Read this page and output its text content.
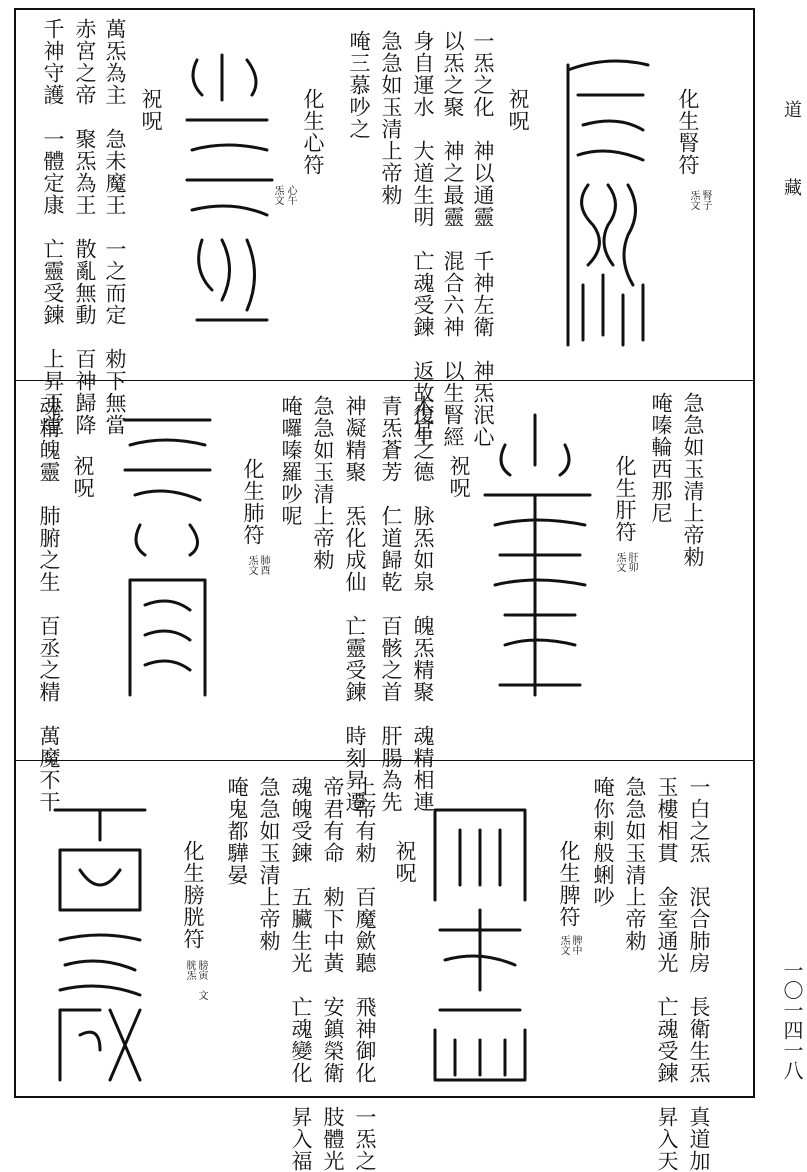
道
藏
一〇一四一八
化生腎符
腎子
炁文
祝呪
一炁之化　神以通靈　千神左衛　神炁泯心
以炁之聚　神之最靈　混合六神　以生腎經
身自運水　大道生明　亡魂受鍊　返故復生
急急如玉清上帝勑
唵三慕吵之
化生心符
心午
炁文
祝呪
萬炁為主　急未魔王　一之而定　勑下無當
赤宮之帝　聚炁為王　散亂無動　百神歸降
千神守護　一體定康　亡靈受鍊　上昇玉堂
急急如玉清上帝勑
唵嗪輪西那尼
化生肝符
肝卯
炁文
祝呪
木官之德　脉炁如泉　魄炁精聚　魂精相連
青炁蒼芳　仁道歸乾　百骸之首　肝腸為先
神凝精聚　炁化成仙　亡靈受鍊　時刻昇遷
急急如玉清上帝勑
唵囉嗪羅吵呢
化生肺符
肺酉
炁文
祝呪
魂精魄靈　肺腑之生　百丞之精　萬魔不干
一白之炁　泯合肺房　長衛生炁　真道加
玉樓相貫　金室通光　亡魂受鍊　昇入天
急急如玉清上帝勑
唵你剌般蜊吵
化生脾符
脾中
炁文
祝呪
上帝有勑　百魔歛聽　飛神御化　一炁之
帝君有命　勑下中黃　安鎮榮衛　肢體光
魂魄受鍊　五臟生光　亡魂變化　昇入福
急急如玉清上帝勑
唵鬼都驊晏
化生膀胱符
膀寅
胱炁
文
